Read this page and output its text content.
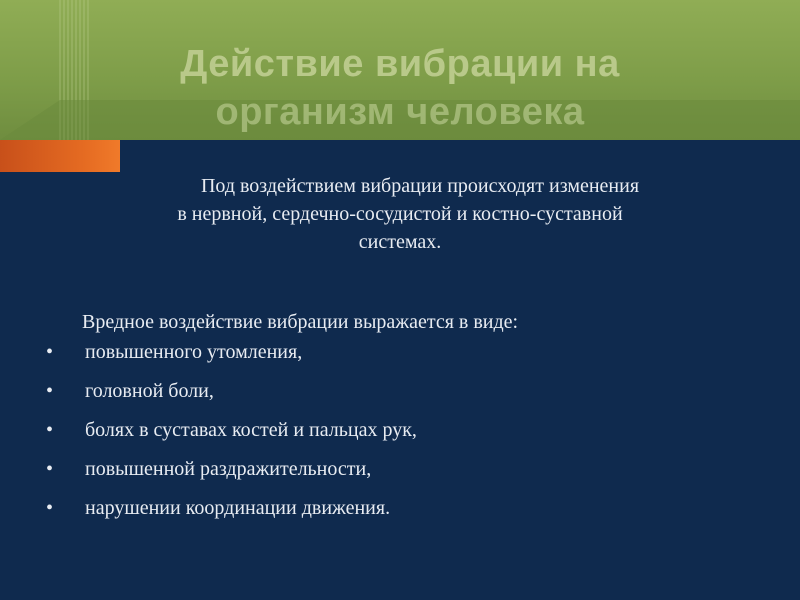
Действие вибрации на
организм человека

Под воздействием вибрации происходят изменения
в нервной, сердечно-сосудистой и костно-суставной
системах.

Вредное воздействие вибрации выражается в виде:
• повышенного утомления,
• головной боли,
• болях в суставах костей и пальцах рук,
• повышенной раздражительности,
• нарушении координации движения.
